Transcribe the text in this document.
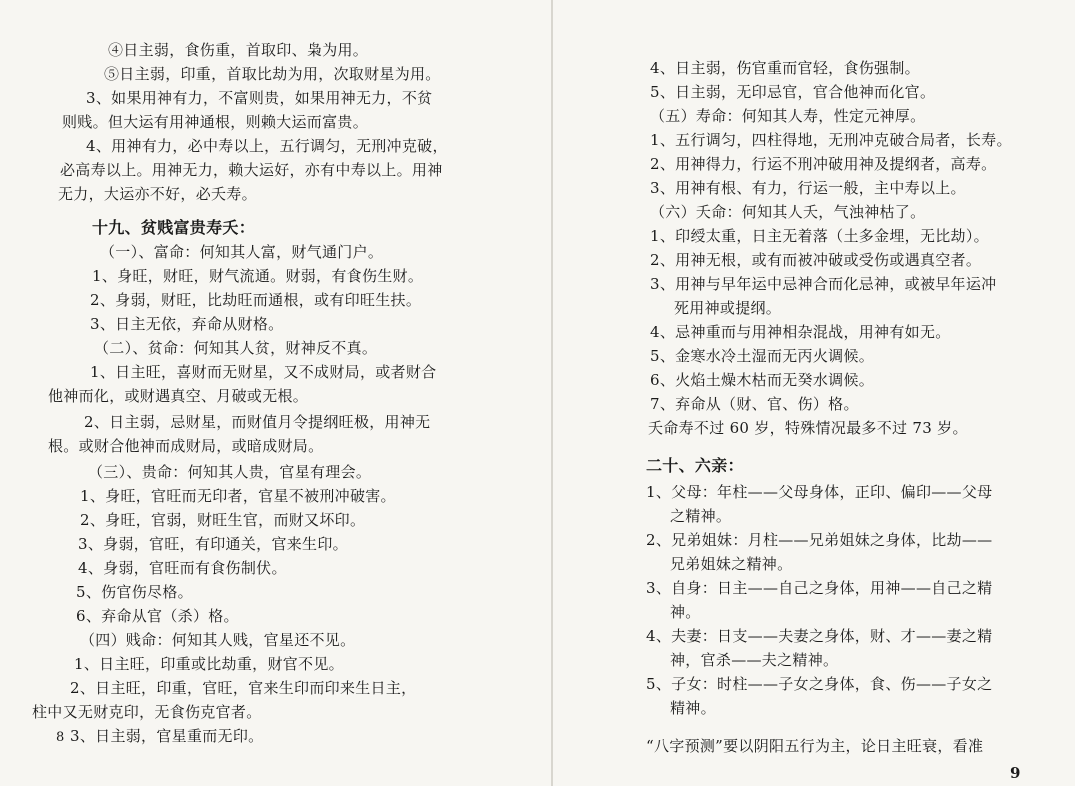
④日主弱，食伤重，首取印、枭为用。
⑤日主弱，印重，首取比劫为用，次取财星为用。
3、如果用神有力，不富则贵，如果用神无力，不贫
则贱。但大运有用神通根，则赖大运而富贵。
4、用神有力，必中寿以上，五行调匀，无刑冲克破，
必高寿以上。用神无力，赖大运好，亦有中寿以上。用神
无力，大运亦不好，必夭寿。
十九、贫贱富贵寿夭：
（一）、富命：何知其人富，财气通门户。
1、身旺，财旺，财气流通。财弱，有食伤生财。
2、身弱，财旺，比劫旺而通根，或有印旺生扶。
3、日主无依，弃命从财格。
（二）、贫命：何知其人贫，财神反不真。
1、日主旺，喜财而无财星，又不成财局，或者财合
他神而化，或财遇真空、月破或无根。
2、日主弱，忌财星，而财值月令提纲旺极，用神无
根。或财合他神而成财局，或暗成财局。
（三）、贵命：何知其人贵，官星有理会。
1、身旺，官旺而无印者，官星不被刑冲破害。
2、身旺，官弱，财旺生官，而财又坏印。
3、身弱，官旺，有印通关，官来生印。
4、身弱，官旺而有食伤制伏。
5、伤官伤尽格。
6、弃命从官（杀）格。
（四）贱命：何知其人贱，官星还不见。
1、日主旺，印重或比劫重，财官不见。
2、日主旺，印重，官旺，官来生印而印来生日主，
柱中又无财克印，无食伤克官者。
3、日主弱，官星重而无印。
8
4、日主弱，伤官重而官轻，食伤强制。
5、日主弱，无印忌官，官合他神而化官。
（五）寿命：何知其人寿，性定元神厚。
1、五行调匀，四柱得地，无刑冲克破合局者，长寿。
2、用神得力，行运不刑冲破用神及提纲者，高寿。
3、用神有根、有力，行运一般，主中寿以上。
（六）夭命：何知其人夭，气浊神枯了。
1、印绶太重，日主无着落（土多金埋，无比劫）。
2、用神无根，或有而被冲破或受伤或遇真空者。
3、用神与早年运中忌神合而化忌神，或被早年运冲
死用神或提纲。
4、忌神重而与用神相杂混战，用神有如无。
5、金寒水冷土湿而无丙火调候。
6、火焰土燥木枯而无癸水调候。
7、弃命从（财、官、伤）格。
夭命寿不过 60 岁，特殊情况最多不过 73 岁。
二十、六亲：
1、父母：年柱——父母身体，正印、偏印——父母
之精神。
2、兄弟姐妹：月柱——兄弟姐妹之身体，比劫——
兄弟姐妹之精神。
3、自身：日主——自己之身体，用神——自己之精
神。
4、夫妻：日支——夫妻之身体，财、才——妻之精
神，官杀——夫之精神。
5、子女：时柱——子女之身体，食、伤——子女之
精神。
“八字预测”要以阴阳五行为主，论日主旺衰，看准
9
